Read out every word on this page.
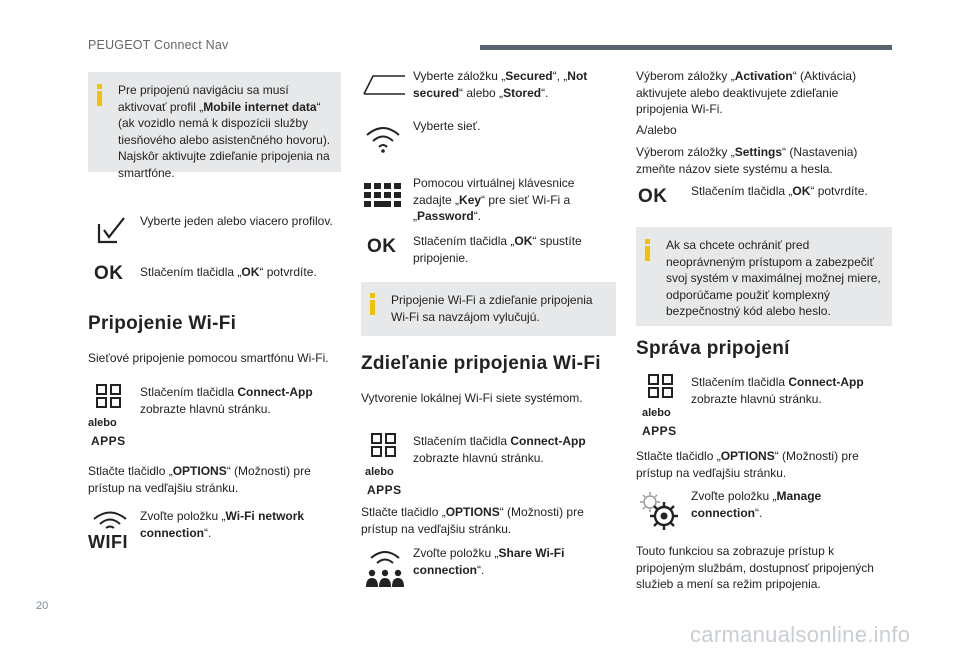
PEUGEOT Connect Nav
20

Pre pripojenú navigáciu sa musí aktivovať profil „Mobile internet data“ (ak vozidlo nemá k dispozícii služby tiesňového alebo asistenčného hovoru). Najskôr aktivujte zdieľanie pripojenia na smartfóne.

Vyberte jeden alebo viacero profilov.
OK Stlačením tlačidla „OK“ potvrdíte.
Pripojenie Wi-Fi

Sieťové pripojenie pomocou smartfónu Wi-Fi.

alebo
APPS
Stlačením tlačidla Connect-App zobrazte hlavnú stránku.

Stlačte tlačidlo „OPTIONS“ (Možnosti) pre prístup na vedľajšiu stránku.

WIFI
Zvoľte položku „Wi-Fi network connection“.
Vyberte záložku „Secured“, „Not secured“ alebo „Stored“.
Vyberte sieť.
Pomocou virtuálnej klávesnice zadajte „Key“ pre sieť Wi-Fi a „Password“.
OK Stlačením tlačidla „OK“ spustíte pripojenie.

Pripojenie Wi-Fi a zdieľanie pripojenia Wi-Fi sa navzájom vylučujú.

Zdieľanie pripojenia Wi-Fi

Vytvorenie lokálnej Wi-Fi siete systémom.

alebo
APPS
Stlačením tlačidla Connect-App zobrazte hlavnú stránku.

Stlačte tlačidlo „OPTIONS“ (Možnosti) pre prístup na vedľajšiu stránku.

Zvoľte položku „Share Wi-Fi connection“.

Výberom záložky „Activation“ (Aktivácia) aktivujete alebo deaktivujete zdieľanie pripojenia Wi-Fi.

A/alebo

Výberom záložky „Settings“ (Nastavenia) zmeňte názov siete systému a hesla.

OK Stlačením tlačidla „OK“ potvrdíte.

Ak sa chcete ochrániť pred neoprávneným prístupom a zabezpečiť svoj systém v maximálnej možnej miere, odporúčame použiť komplexný bezpečnostný kód alebo heslo.

Správa pripojení
alebo
APPS
Stlačením tlačidla Connect-App zobrazte hlavnú stránku.

Stlačte tlačidlo „OPTIONS“ (Možnosti) pre prístup na vedľajšiu stránku.

Zvoľte položku „Manage connection“.

Touto funkciou sa zobrazuje prístup k pripojeným službám, dostupnosť pripojených služieb a mení sa režim pripojenia.

carmanualsonline.info
